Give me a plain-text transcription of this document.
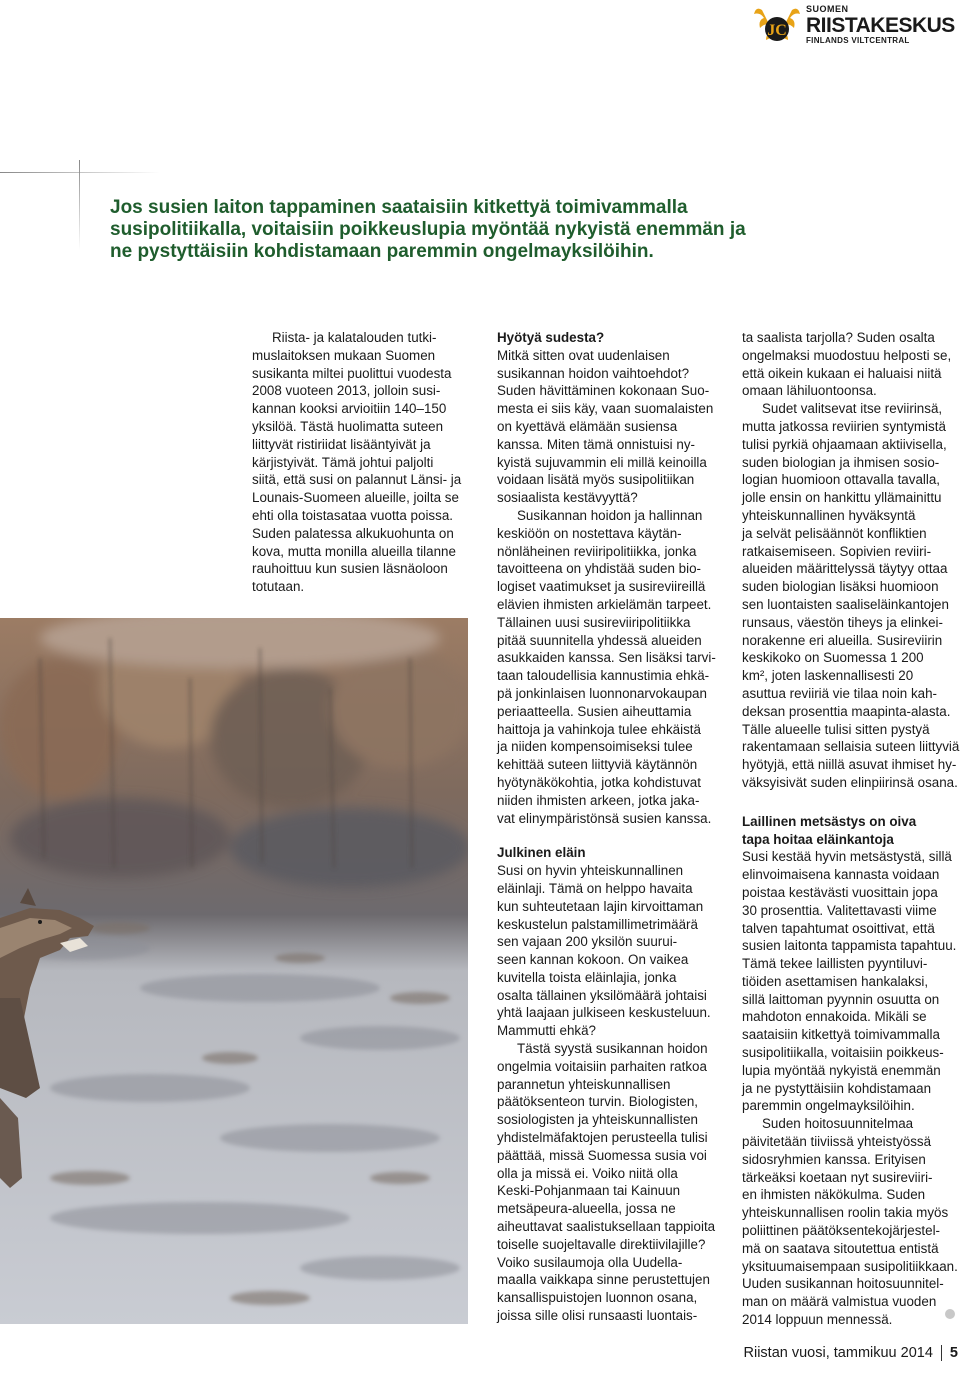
JC
SUOMEN
RIISTAKESKUS
FINLANDS VILTCENTRAL

Jos susien laiton tappaminen saataisiin kitkettyä toimivammalla susipolitiikalla, voitaisiin poikkeuslupia myöntää nykyistä enemmän ja ne pystyttäisiin kohdistamaan paremmin ongelmayksilöihin.

Riista- ja kalatalouden tutki-
muslaitoksen mukaan Suomen
susikanta miltei puolittui vuodesta
2008 vuoteen 2013, jolloin susi-
kannan kooksi arvioitiin 140–150
yksilöä. Tästä huolimatta suteen
liittyvät ristiriidat lisääntyivät ja
kärjistyivät. Tämä johtui paljolti
siitä, että susi on palannut Länsi- ja
Lounais-Suomeen alueille, joilta se
ehti olla toistasataa vuotta poissa.
Suden palatessa alkukuohunta on
kova, mutta monilla alueilla tilanne
rauhoittuu kun susien läsnäoloon
totutaan.

Hyötyä sudesta?

Mitkä sitten ovat uudenlaisen
susikannan hoidon vaihtoehdot?
Suden hävittäminen kokonaan Suo-
mesta ei siis käy, vaan suomalaisten
on kyettävä elämään susiensa
kanssa. Miten tämä onnistuisi ny-
kyistä sujuvammin eli millä keinoilla
voidaan lisätä myös susipolitiikan
sosiaalista kestävyyttä?

Susikannan hoidon ja hallinnan
keskiöön on nostettava käytän-
nönläheinen reviiripolitiikka, jonka
tavoitteena on yhdistää suden bio-
logiset vaatimukset ja susireviireillä
elävien ihmisten arkielämän tarpeet.
Tällainen uusi susireviiripolitiikka
pitää suunnitella yhdessä alueiden
asukkaiden kanssa. Sen lisäksi tarvi-
taan taloudellisia kannustimia ehkä-
pä jonkinlaisen luonnonarvokaupan
periaatteella. Susien aiheuttamia
haittoja ja vahinkoja tulee ehkäistä
ja niiden kompensoimiseksi tulee
kehittää suteen liittyviä käytännön
hyötynäkökohtia, jotka kohdistuvat
niiden ihmisten arkeen, jotka jaka-
vat elinympäristönsä susien kanssa.

Julkinen eläin

Susi on hyvin yhteiskunnallinen
eläinlaji. Tämä on helppo havaita
kun suhteutetaan lajin kirvoittaman
keskustelun palstamillimetrimäärä
sen vajaan 200 yksilön suurui-
seen kannan kokoon. On vaikea
kuvitella toista eläinlajia, jonka
osalta tällainen yksilömäärä johtaisi
yhtä laajaan julkiseen keskusteluun.
Mammutti ehkä?

Tästä syystä susikannan hoidon
ongelmia voitaisiin parhaiten ratkoa
parannetun yhteiskunnallisen
päätöksenteon turvin. Biologisten,
sosiologisten ja yhteiskunnallisten
yhdistelmäfaktojen perusteella tulisi
päättää, missä Suomessa susia voi
olla ja missä ei. Voiko niitä olla
Keski-Pohjanmaan tai Kainuun
metsäpeura-alueella, jossa ne
aiheuttavat saalistuksellaan tappioita
toiselle suojeltavalle direktiivilajille?
Voiko susilaumoja olla Uudella-
maalla vaikkapa sinne perustettujen
kansallispuistojen luonnon osana,
joissa sille olisi runsaasti luontais-

ta saalista tarjolla? Suden osalta
ongelmaksi muodostuu helposti se,
että oikein kukaan ei haluaisi niitä
omaan lähiluontoonsa.

Sudet valitsevat itse reviirinsä,
mutta jatkossa reviirien syntymistä
tulisi pyrkiä ohjaamaan aktiivisella,
suden biologian ja ihmisen sosio-
logian huomioon ottavalla tavalla,
jolle ensin on hankittu yllämainittu
yhteiskunnallinen hyväksyntä
ja selvät pelisäännöt konfliktien
ratkaisemiseen. Sopivien reviiri-
alueiden määrittelyssä täytyy ottaa
suden biologian lisäksi huomioon
sen luontaisten saaliseläinkantojen
runsaus, väestön tiheys ja elinkei-
norakenne eri alueilla. Susireviirin
keskikoko on Suomessa 1 200
km², joten laskennallisesti 20
asuttua reviiriä vie tilaa noin kah-
deksan prosenttia maapinta-alasta.
Tälle alueelle tulisi sitten pystyä
rakentamaan sellaisia suteen liittyviä
hyötyjä, että niillä asuvat ihmiset hy-
väksyisivät suden elinpiirinsä osana.

Laillinen metsästys on oiva
tapa hoitaa eläinkantoja

Susi kestää hyvin metsästystä, sillä
elinvoimaisena kannasta voidaan
poistaa kestävästi vuosittain jopa
30 prosenttia. Valitettavasti viime
talven tapahtumat osoittivat, että
susien laitonta tappamista tapahtuu.
Tämä tekee laillisten pyyntiluvi-
tiöiden asettamisen hankalaksi,
sillä laittoman pyynnin osuutta on
mahdoton ennakoida. Mikäli se
saataisiin kitkettyä toimivammalla
susipolitiikalla, voitaisiin poikkeus-
lupia myöntää nykyistä enemmän
ja ne pystyttäisiin kohdistamaan
paremmin ongelmayksilöihin.

Suden hoitosuunnitelmaa
päivitetään tiiviissä yhteistyössä
sidosryhmien kanssa. Erityisen
tärkeäksi koetaan nyt susireviiri-
en ihmisten näkökulma. Suden
yhteiskunnallisen roolin takia myös
poliittinen päätöksentekojärjestel-
mä on saatava sitoutettua entistä
yksituumaisempaan susipolitiikkaan.
Uuden susikannan hoitosuunnitel-
man on määrä valmistua vuoden
2014 loppuun mennessä.

Riistan vuosi, tammikuu 2014 5
